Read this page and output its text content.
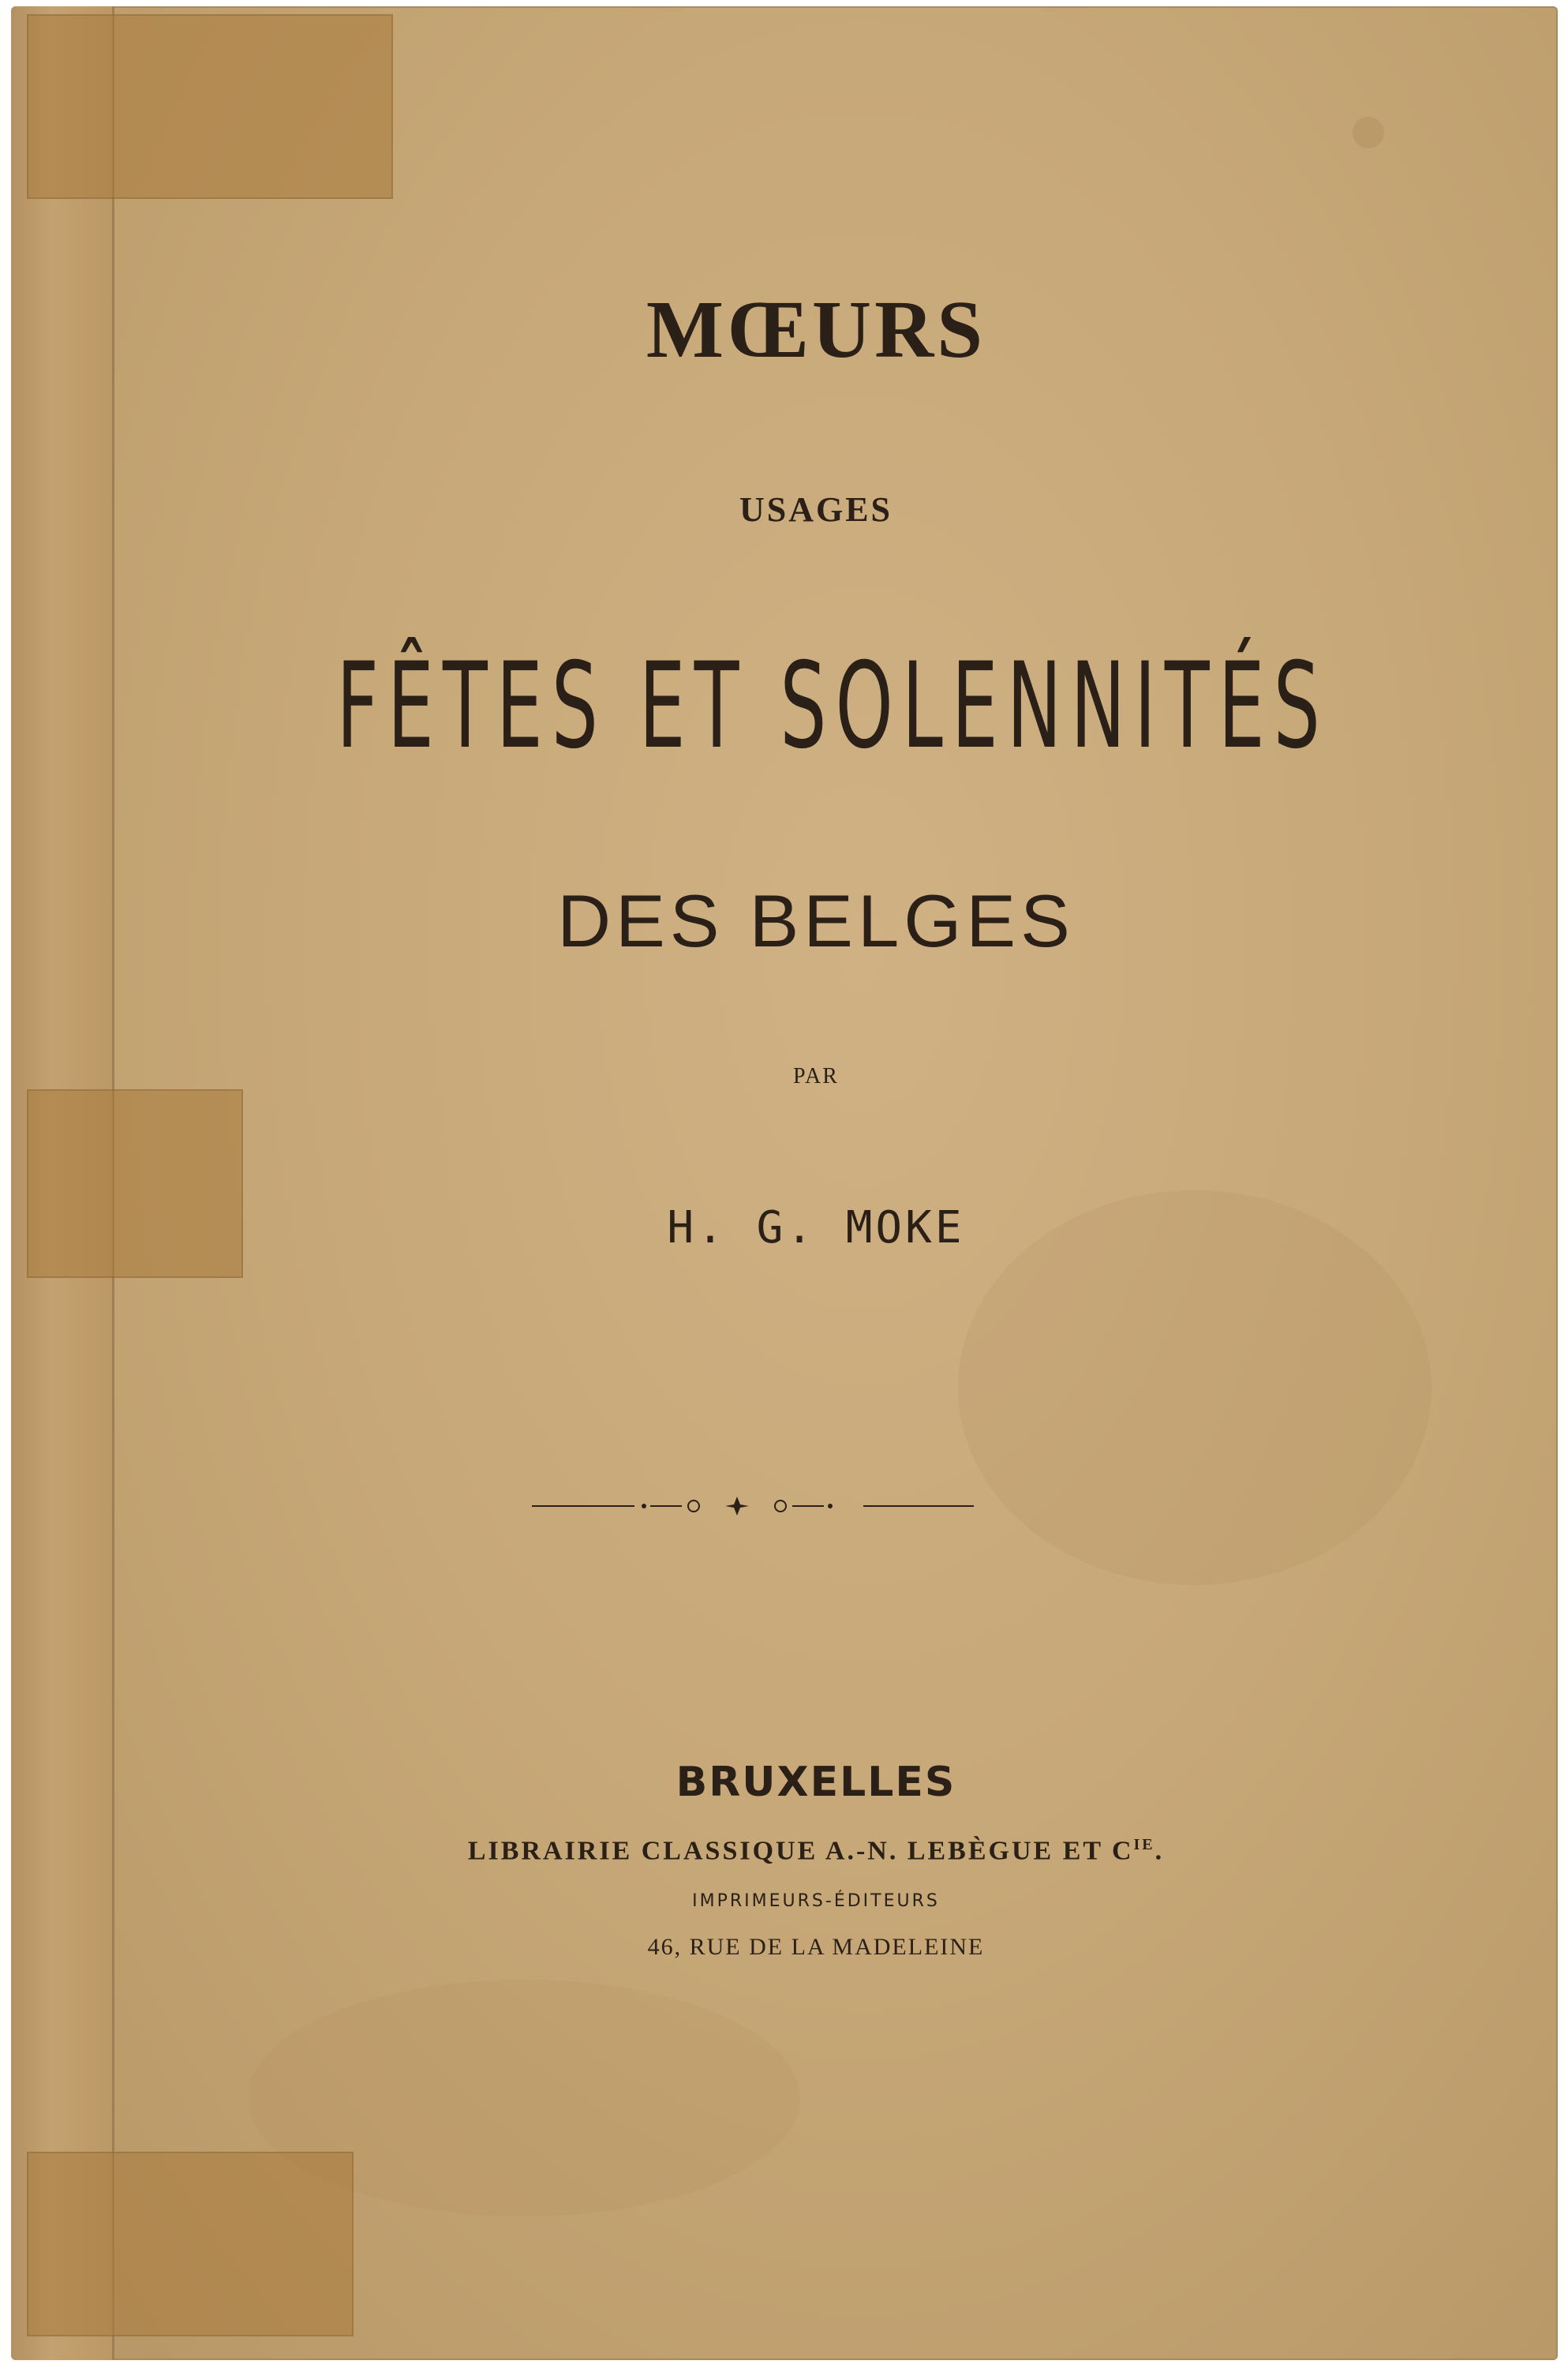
MŒURS
USAGES
FÊTES ET SOLENNITÉS
DES BELGES
PAR
H. G. MOKE
BRUXELLES
LIBRAIRIE CLASSIQUE A.-N. LEBÈGUE ET $C^{IE}$.
IMPRIMEURS-ÉDITEURS
46, RUE DE LA MADELEINE
